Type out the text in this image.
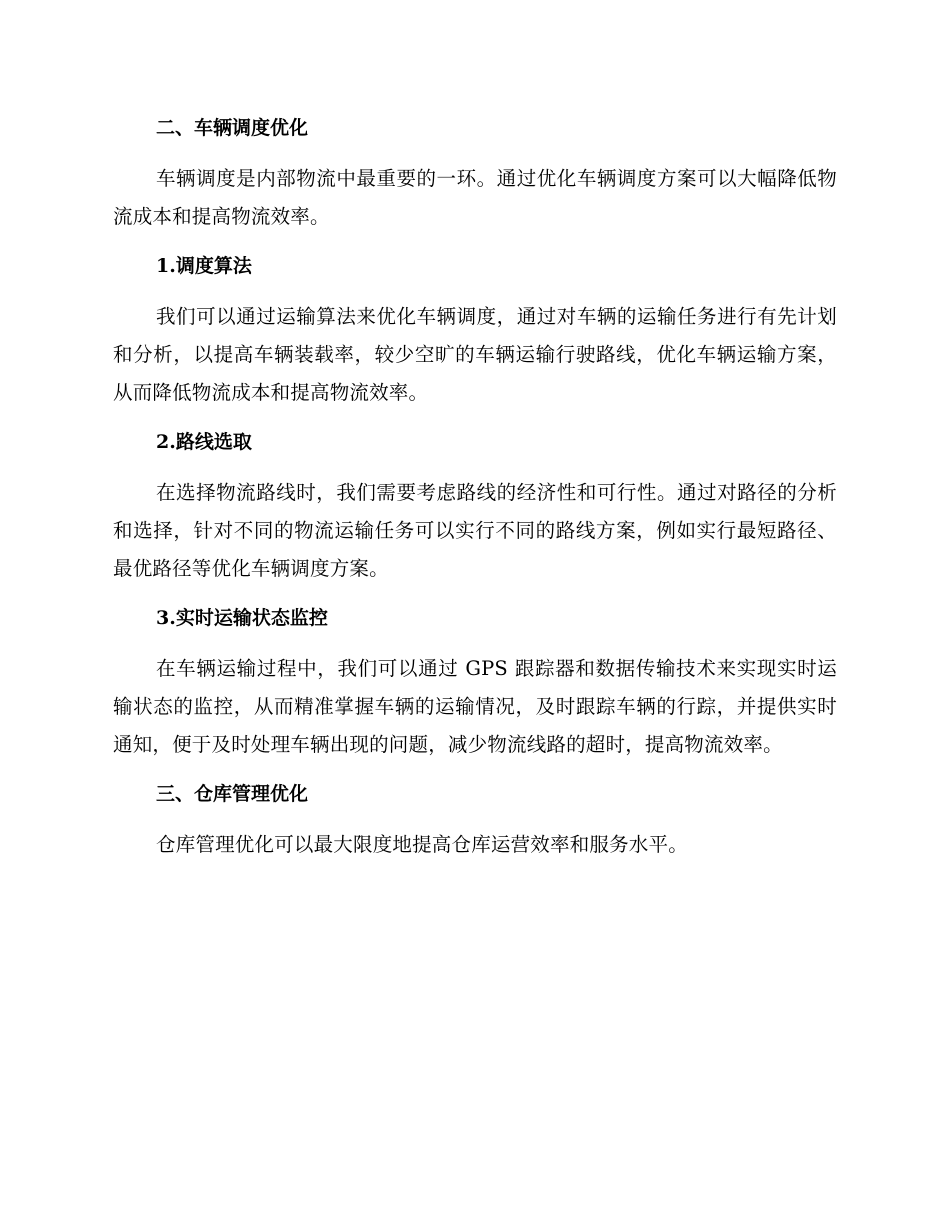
二、车辆调度优化
车辆调度是内部物流中最重要的一环。通过优化车辆调度方案可以大幅降低物流成本和提高物流效率。
1.调度算法
我们可以通过运输算法来优化车辆调度，通过对车辆的运输任务进行有先计划和分析，以提高车辆装载率，较少空旷的车辆运输行驶路线，优化车辆运输方案，从而降低物流成本和提高物流效率。
2.路线选取
在选择物流路线时，我们需要考虑路线的经济性和可行性。通过对路径的分析和选择，针对不同的物流运输任务可以实行不同的路线方案，例如实行最短路径、最优路径等优化车辆调度方案。
3.实时运输状态监控
在车辆运输过程中，我们可以通过 GPS 跟踪器和数据传输技术来实现实时运输状态的监控，从而精准掌握车辆的运输情况，及时跟踪车辆的行踪，并提供实时通知，便于及时处理车辆出现的问题，减少物流线路的超时，提高物流效率。
三、仓库管理优化
仓库管理优化可以最大限度地提高仓库运营效率和服务水平。
